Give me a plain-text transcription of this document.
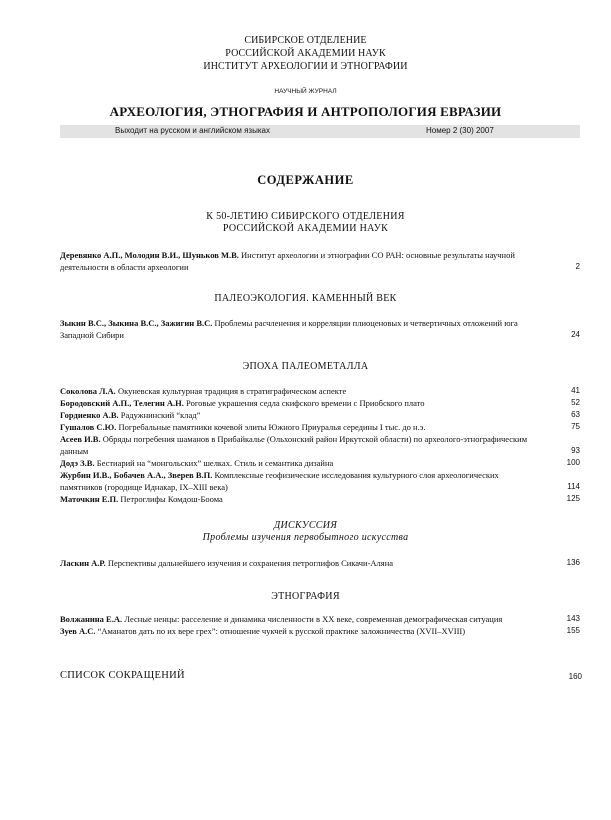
СИБИРСКОЕ ОТДЕЛЕНИЕ
РОССИЙСКОЙ АКАДЕМИИ НАУК
ИНСТИТУТ АРХЕОЛОГИИ И ЭТНОГРАФИИ
НАУЧНЫЙ ЖУРНАЛ
АРХЕОЛОГИЯ, ЭТНОГРАФИЯ И АНТРОПОЛОГИЯ ЕВРАЗИИ
Выходит на русском и английском языках	Номер 2 (30) 2007
СОДЕРЖАНИЕ
К 50-ЛЕТИЮ СИБИРСКОГО ОТДЕЛЕНИЯ
РОССИЙСКОЙ АКАДЕМИИ НАУК
Деревянко А.П., Молодин В.И., Шуньков М.В. Институт археологии и этнографии СО РАН: основные результаты научной деятельности в области археологии	2
ПАЛЕОЭКОЛОГИЯ. КАМЕННЫЙ ВЕК
Зыкин В.С., Зыкина В.С., Зажигин В.С. Проблемы расчленения и корреляции плиоценовых и четвертичных отложений юга Западной Сибири	24
ЭПОХА ПАЛЕОМЕТАЛЛА
Соколова Л.А. Окуневская культурная традиция в стратиграфическом аспекте	41
Бородовский А.П., Телегин А.Н. Роговые украшения седла скифского времени с Приобского плато	52
Гордиенко А.В. Радужнинский “клад”	63
Гушалов С.Ю. Погребальные памятники кочевой элиты Южного Приуралья середины I тыс. до н.э.	75
Асеев И.В. Обряды погребения шаманов в Прибайкалье (Ольхонский район Иркутской области) по археолого-этнографическим данным	93
Додэ З.В. Бестиарий на “монгольских” шелках. Стиль и семантика дизайна	100
Журбин И.В., Бобачев А.А., Зверев В.П. Комплексные геофизические исследования культурного слоя археологических памятников (городище Иднакар, IX–XIII века)	114
Маточкин Е.П. Петроглифы Комдош-Боома	125
ДИСКУССИЯ
Проблемы изучения первобытного искусства
Ласкин А.Р. Перспективы дальнейшего изучения и сохранения петроглифов Сикачи-Аляна	136
ЭТНОГРАФИЯ
Волжанина Е.А. Лесные ненцы: расселение и динамика численности в XX веке, современная демографическая ситуация	143
Зуев А.С. “Аманатов дать по их вере грех”: отношение чукчей к русской практике заложничества (XVII–XVIII)	155
СПИСОК СОКРАЩЕНИЙ	160
